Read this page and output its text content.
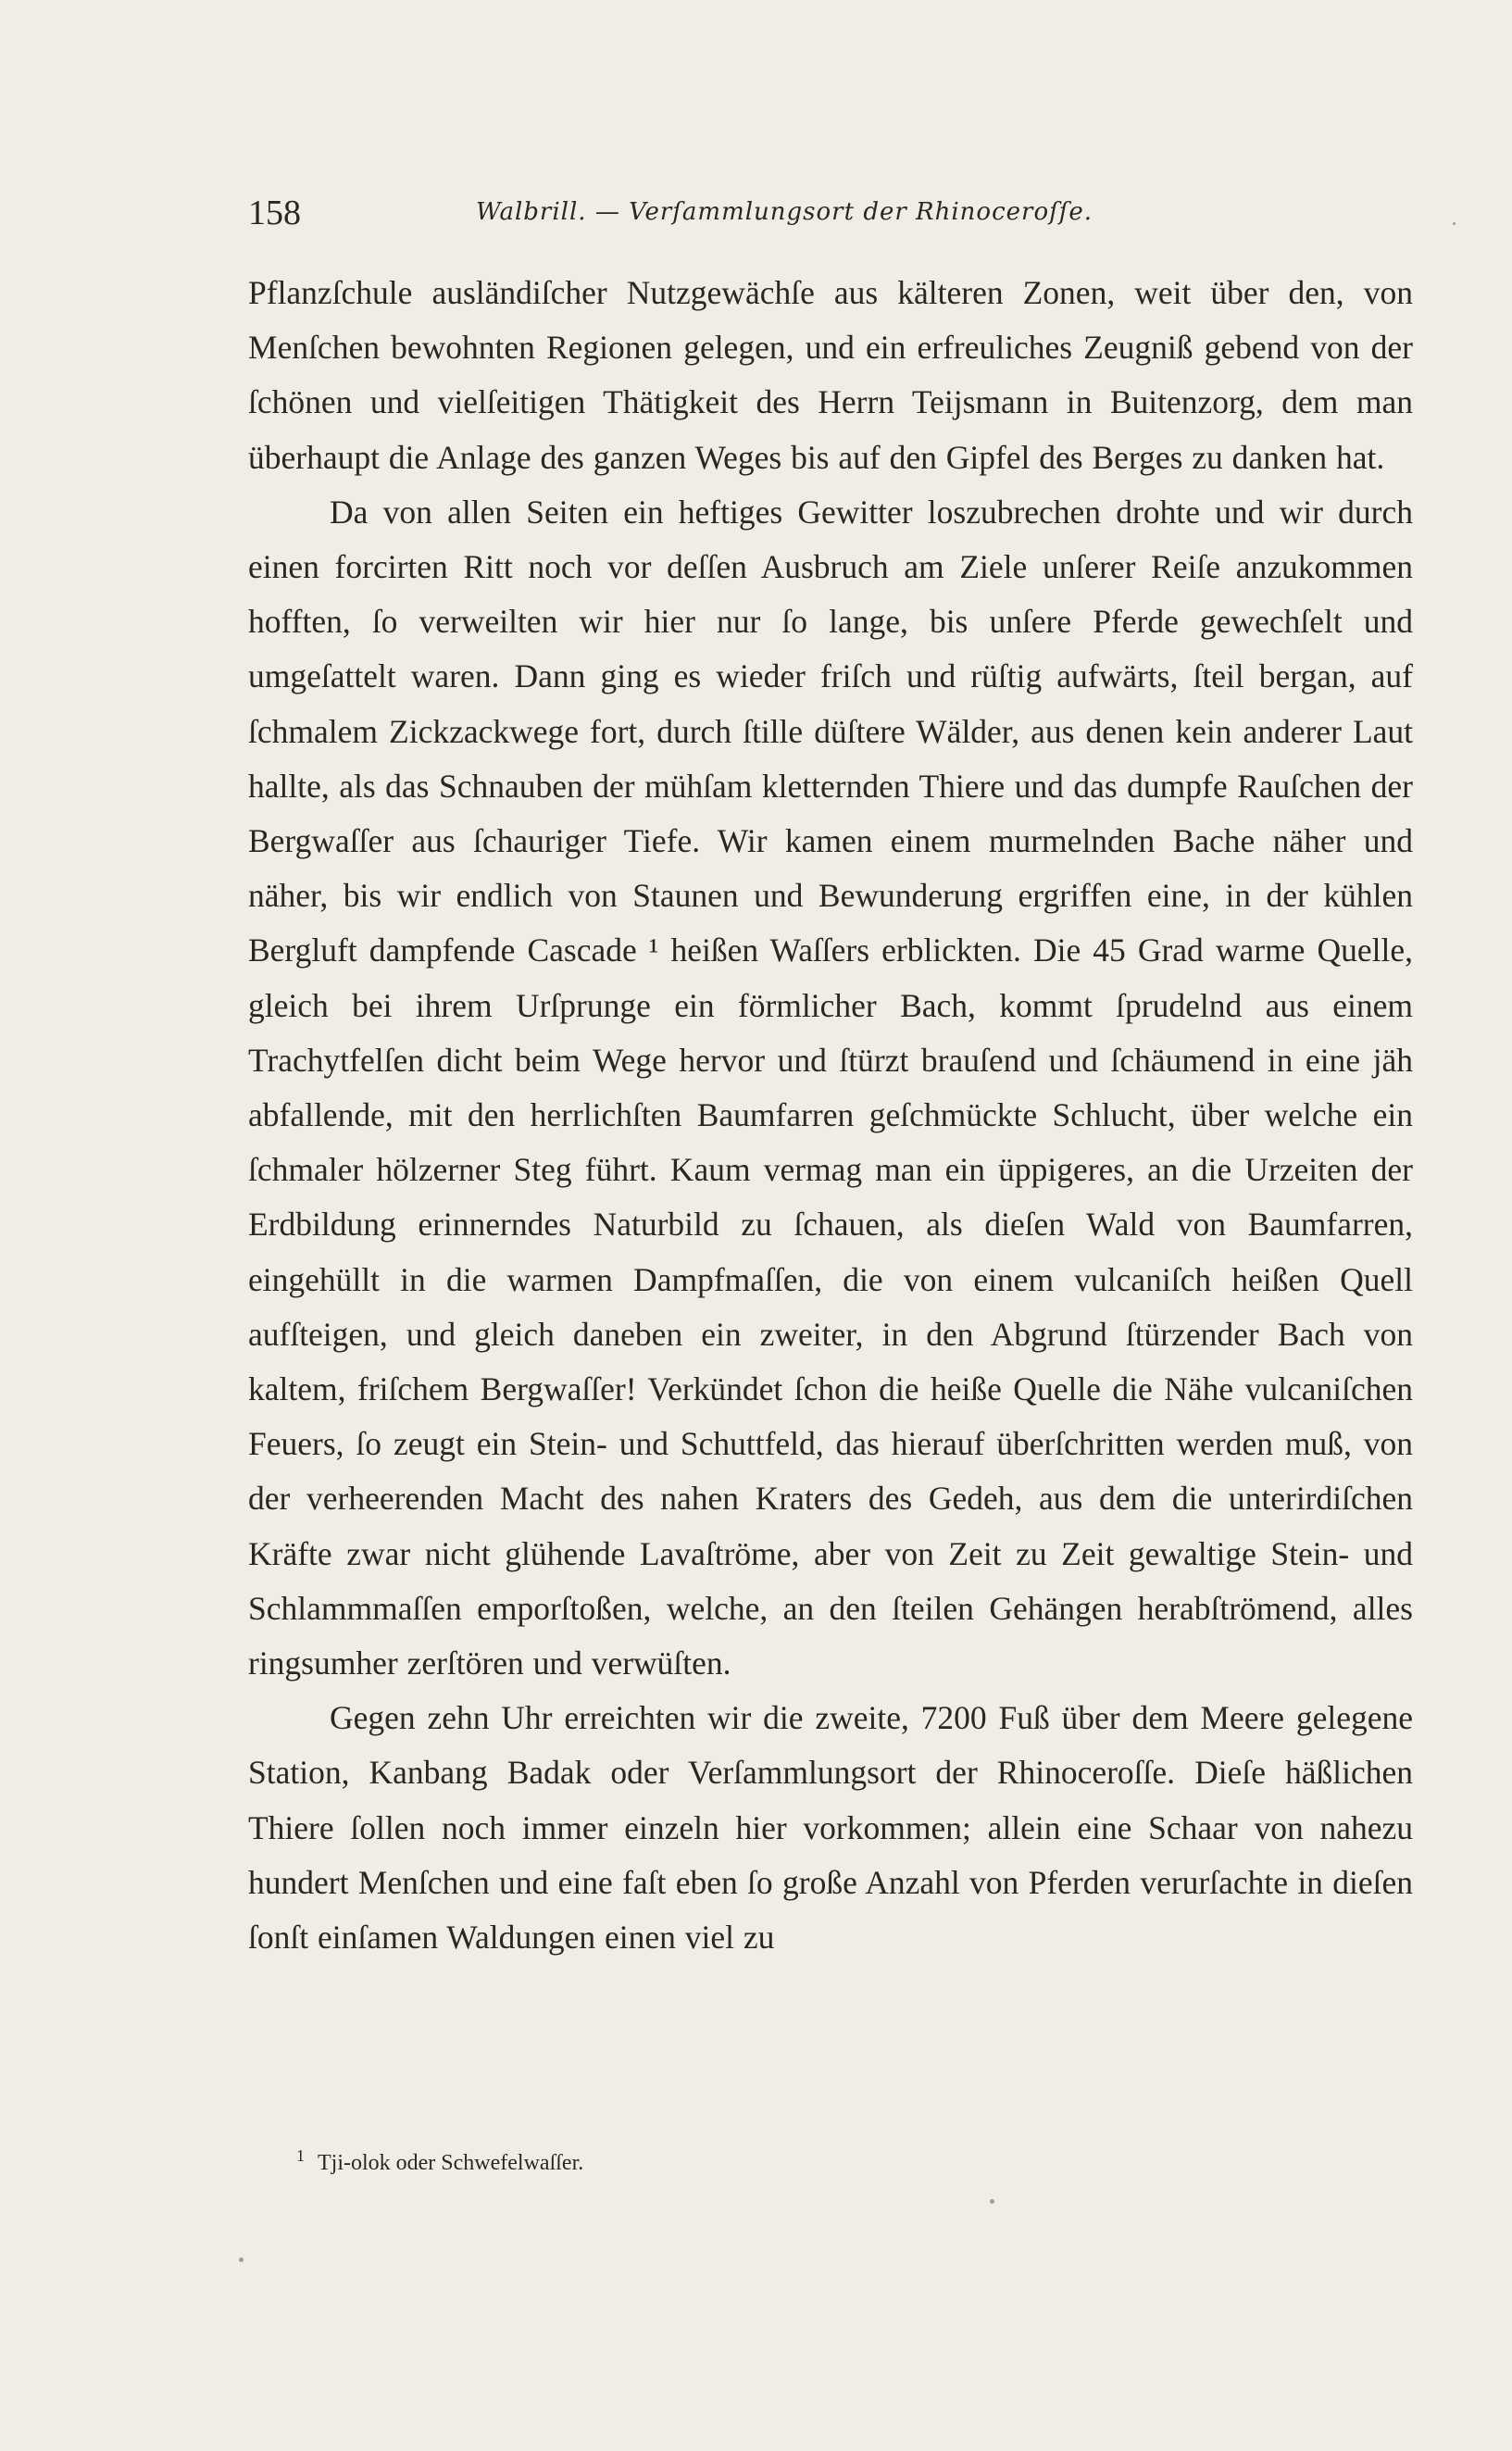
158	Walbrill. — Verſammlungsort der Rhinoceroſſe.

Pflanzſchule ausländiſcher Nutzgewächſe aus kälteren Zonen, weit über den, von Menſchen bewohnten Regionen gelegen, und ein erfreuliches Zeugniß gebend von der ſchönen und vielſeitigen Thätigkeit des Herrn Teijsmann in Buitenzorg, dem man überhaupt die Anlage des ganzen Weges bis auf den Gipfel des Berges zu danken hat.

Da von allen Seiten ein heftiges Gewitter loszubrechen drohte und wir durch einen forcirten Ritt noch vor deſſen Ausbruch am Ziele unſerer Reiſe anzukommen hofften, ſo verweilten wir hier nur ſo lange, bis unſere Pferde gewechſelt und umgeſattelt waren. Dann ging es wieder friſch und rüſtig aufwärts, ſteil bergan, auf ſchmalem Zickzackwege fort, durch ſtille düſtere Wälder, aus denen kein anderer Laut hallte, als das Schnauben der mühſam kletternden Thiere und das dumpfe Rauſchen der Bergwaſſer aus ſchauriger Tiefe. Wir kamen einem murmelnden Bache näher und näher, bis wir endlich von Staunen und Bewunderung ergriffen eine, in der kühlen Bergluft dampfende Cascade ¹ heißen Waſſers erblickten. Die 45 Grad warme Quelle, gleich bei ihrem Urſprunge ein förmlicher Bach, kommt ſprudelnd aus einem Trachytfelſen dicht beim Wege hervor und ſtürzt brauſend und ſchäumend in eine jäh abfallende, mit den herrlichſten Baumfarren geſchmückte Schlucht, über welche ein ſchmaler hölzerner Steg führt. Kaum vermag man ein üppigeres, an die Urzeiten der Erdbildung erinnerndes Naturbild zu ſchauen, als dieſen Wald von Baumfarren, eingehüllt in die warmen Dampfmaſſen, die von einem vulcaniſch heißen Quell aufſteigen, und gleich daneben ein zweiter, in den Abgrund ſtürzender Bach von kaltem, friſchem Bergwaſſer! Verkündet ſchon die heiße Quelle die Nähe vulcaniſchen Feuers, ſo zeugt ein Stein- und Schuttfeld, das hierauf überſchritten werden muß, von der verheerenden Macht des nahen Kraters des Gedeh, aus dem die unterirdiſchen Kräfte zwar nicht glühende Lavaſtröme, aber von Zeit zu Zeit gewaltige Stein- und Schlammmaſſen emporſtoßen, welche, an den ſteilen Gehängen herabſtrömend, alles ringsumher zerſtören und verwüſten.

Gegen zehn Uhr erreichten wir die zweite, 7200 Fuß über dem Meere gelegene Station, Kanbang Badak oder Verſammlungsort der Rhinoceroſſe. Dieſe häßlichen Thiere ſollen noch immer einzeln hier vorkommen; allein eine Schaar von nahezu hundert Menſchen und eine faſt eben ſo große Anzahl von Pferden verurſachte in dieſen ſonſt einſamen Waldungen einen viel zu

$^1$ Tji-olok oder Schwefelwaſſer.
